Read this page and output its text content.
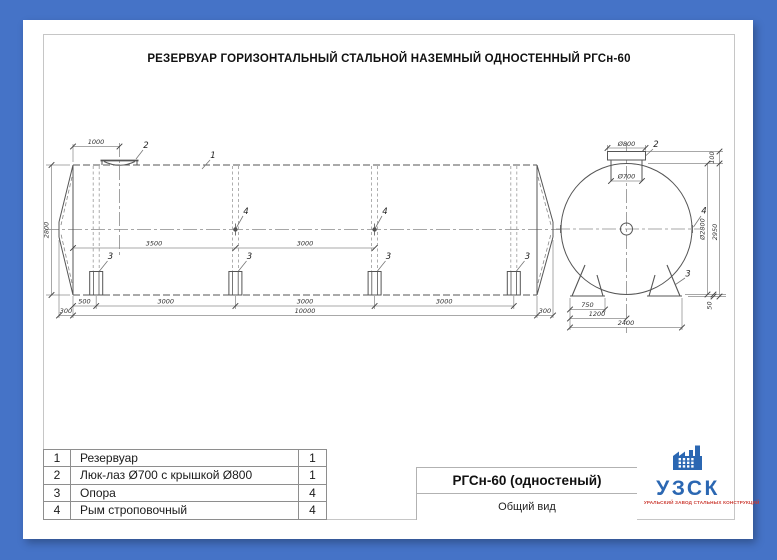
РЕЗЕРВУАР ГОРИЗОНТАЛЬНЫЙ СТАЛЬНОЙ НАЗЕМНЫЙ ОДНОСТЕННЫЙ РГСн-60
1000
2800
3500	3000
500	3000	3000	3000
300	10000	300
1
2
4	4
3	3	3	3
Ø800
Ø700
100
Ø2800 2950
50
750
1200
2400
2
4
3
1	Резервуар	1
2	Люк-лаз Ø700 с крышкой Ø800	1
3	Опора	4
4	Рым строповочный	4
РГСн-60 (одностеный)
Общий вид
УЗСК
УРАЛЬСКИЙ ЗАВОД СТАЛЬНЫХ КОНСТРУКЦИЙ
